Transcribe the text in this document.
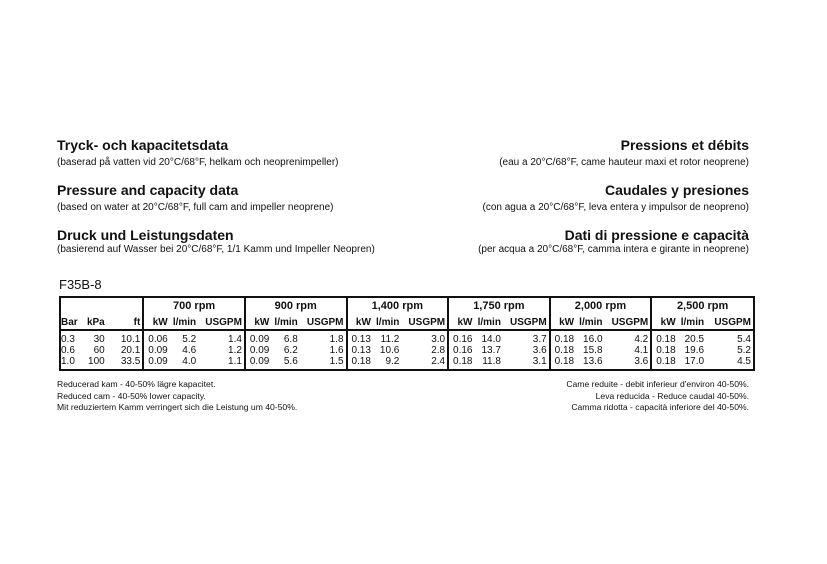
Tryck- och kapacitetsdata
(baserad på vatten vid 20°C/68°F, helkam och neoprenimpeller)
Pressure and capacity data
(based on water at 20°C/68°F, full cam and impeller neoprene)
Druck und Leistungsdaten
(basierend auf Wasser bei 20°C/68°F, 1/1 Kamm und Impeller Neopren)
Pressions et débits
(eau a 20°C/68°F, came hauteur maxi et rotor neoprene)
Caudales y presiones
(con agua a 20°C/68°F, leva entera y impulsor de neopreno)
Dati di pressione e capacità
(per acqua a 20°C/68°F, camma intera e girante in neoprene)
F35B-8
			700 rpm			900 rpm			1,400 rpm			1,750 rpm			2,000 rpm			2,500 rpm		
Bar	kPa	ft	kW	l/min	USGPM	kW	l/min	USGPM	kW	l/min	USGPM	kW	l/min	USGPM	kW	l/min	USGPM	kW	l/min	USGPM
0.3	30	10.1	0.06	5.2	1.4	0.09	6.8	1.8	0.13	11.2	3.0	0.16	14.0	3.7	0.18	16.0	4.2	0.18	20.5	5.4
0.6	60	20.1	0.09	4.6	1.2	0.09	6.2	1.6	0.13	10.6	2.8	0.16	13.7	3.6	0.18	15.8	4.1	0.18	19.6	5.2
1.0	100	33.5	0.09	4.0	1.1	0.09	5.6	1.5	0.18	9.2	2.4	0.18	11.8	3.1	0.18	13.6	3.6	0.18	17.0	4.5
Reducerad kam - 40-50% lägre kapacitet.
Reduced cam - 40-50% lower capacity.
Mit reduziertem Kamm verringert sich die Leistung um 40-50%.
Came reduite - debit inferieur d'environ 40-50%.
Leva reducida - Reduce caudal 40-50%.
Camma ridotta - capacità inferiore del 40-50%.
